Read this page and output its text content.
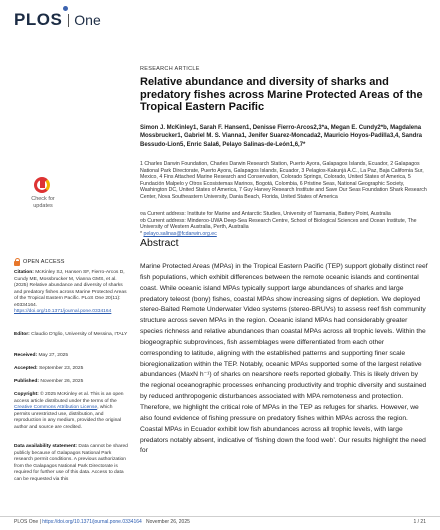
PLOS One
RESEARCH ARTICLE
Relative abundance and diversity of sharks and predatory fishes across Marine Protected Areas of the Tropical Eastern Pacific
Simon J. McKinley1, Sarah F. Hansen1, Denisse Fierro-Arcos2,3*a, Megan E. Cundy2*b, Magdalena Mossbrucker1, Gabriel M. S. Vianna1, Jenifer Suarez-Moncada2, Mauricio Hoyos-Padilla3,4, Sandra Bessudo-Lion5, Enric Sala6, Pelayo Salinas-de-León1,6,7*
1 Charles Darwin Foundation, Charles Darwin Research Station, Puerto Ayora, Galapagos Islands, Ecuador, 2 Galapagos National Park Directorate, Puerto Ayora, Galapagos Islands, Ecuador, 3 Pelagios-Kakunjá A.C., La Paz, Baja California Sur, Mexico, 4 Fins Attached Marine Research and Conservation, Colorado Springs, Colorado, United States of America, 5 Fundación Malpelo y Otros Ecosistemas Marinos, Bogotá, Colombia, 6 Pristine Seas, National Geographic Society, Washington DC, United States of America, 7 Guy Harvey Research Institute and Save Our Seas Foundation Shark Research Center, Nova Southeastern University, Dania Beach, Florida, United States of America
¤a Current address: Institute for Marine and Antarctic Studies, University of Tasmania, Battery Point, Australia
¤b Current address: Minderoo-UWA Deep-Sea Research Centre, School of Biological Sciences and Ocean Institute, The University of Western Australia, Perth, Australia
* pelayo.salinas@fcdarwin.org.ec
Check for
updates
OPEN ACCESS
Citation: McKinley SJ, Hansen SF, Fierro-Arcos D, Cundy ME, Mossbrucker M, Vianna GMS, et al. (2025) Relative abundance and diversity of sharks and predatory fishes across Marine Protected Areas of the Tropical Eastern Pacific. PLoS One 20(11): e0334164. https://doi.org/10.1371/journal.pone.0334164
Editor: Claudio D'Iglio, University of Messina, ITALY
Received: May 27, 2025
Accepted: September 23, 2025
Published: November 26, 2025
Copyright: © 2025 McKinley et al. This is an open access article distributed under the terms of the Creative Commons Attribution License, which permits unrestricted use, distribution, and reproduction in any medium, provided the original author and source are credited.
Data availability statement: Data cannot be shared publicly because of Galapagos National Park research permit conditions. A previous authorization from the Galapagos National Park Directorate is required for further use of this data. Access to data can be requested via this
Abstract
Marine Protected Areas (MPAs) in the Tropical Eastern Pacific (TEP) support globally distinct reef fish populations, which exhibit differences between the remote oceanic islands and continental coast. While oceanic island MPAs typically support large abundances of sharks and large predatory teleost (bony) fishes, coastal MPAs show increasing signs of depletion. We deployed stereo-Baited Remote Underwater Video systems (stereo-BRUVs) to assess reef fish community structure across seven MPAs in the region. Oceanic island MPAs had considerably greater species richness and relative abundances than coastal MPAs across all trophic levels. Within the biogeographic subprovinces, fish assemblages were differentiated from each other corresponding to latitude, aligning with the established patterns and supporting finer scale bioregionalization within the TEP. Notably, oceanic MPAs supported some of the largest relative abundances (MaxN h⁻¹) of sharks on nearshore reefs reported globally. This is likely driven by the regional oceanographic processes enhancing productivity and trophic diversity and sustained by reduced anthropogenic disturbances associated with MPA remoteness and protection. Therefore, we highlight the critical role of MPAs in the TEP as refuges for sharks. However, we also found evidence of fishing pressure on predatory fishes within MPAs across the region. Coastal MPAs in Ecuador exhibit low fish abundances across all trophic levels, with large predators notably absent, indicative of ‘fishing down the food web’. Our results highlight the need for
PLOS One | https://doi.org/10.1371/journal.pone.0334164   November 26, 2025	1 / 21
